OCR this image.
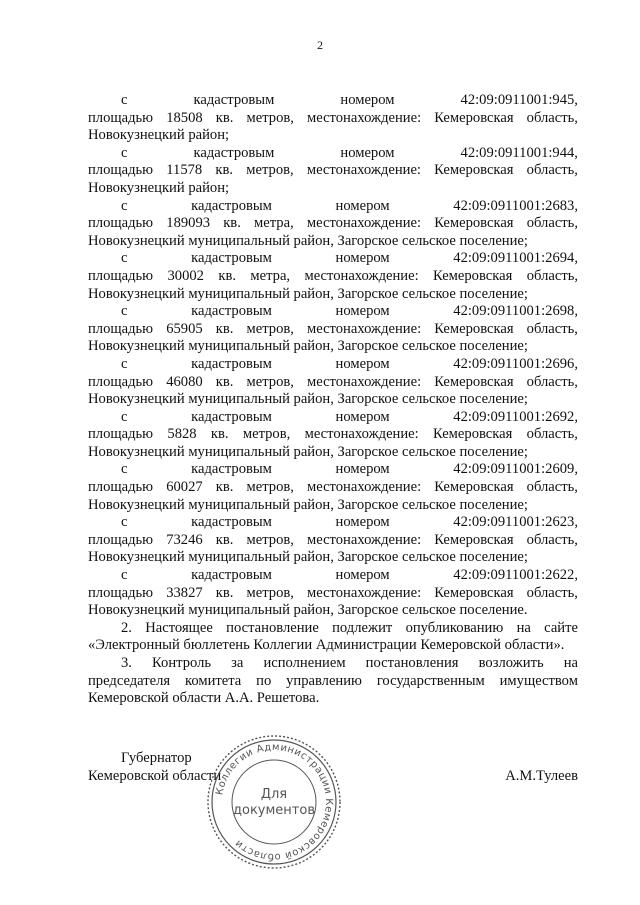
2
с	кадастровым	номером	42:09:0911001:945,
площадью 18508 кв. метров, местонахождение: Кемеровская область,
Новокузнецкий район;
с	кадастровым	номером	42:09:0911001:944,
площадью 11578 кв. метров, местонахождение: Кемеровская область,
Новокузнецкий район;
с	кадастровым	номером	42:09:0911001:2683,
площадью 189093 кв. метра, местонахождение: Кемеровская область,
Новокузнецкий муниципальный район, Загорское сельское поселение;
с	кадастровым	номером	42:09:0911001:2694,
площадью 30002 кв. метра, местонахождение: Кемеровская область,
Новокузнецкий муниципальный район, Загорское сельское поселение;
с	кадастровым	номером	42:09:0911001:2698,
площадью 65905 кв. метров, местонахождение: Кемеровская область,
Новокузнецкий муниципальный район, Загорское сельское поселение;
с	кадастровым	номером	42:09:0911001:2696,
площадью 46080 кв. метров, местонахождение: Кемеровская область,
Новокузнецкий муниципальный район, Загорское сельское поселение;
с	кадастровым	номером	42:09:0911001:2692,
площадью 5828 кв. метров, местонахождение: Кемеровская область,
Новокузнецкий муниципальный район, Загорское сельское поселение;
с	кадастровым	номером	42:09:0911001:2609,
площадью 60027 кв. метров, местонахождение: Кемеровская область,
Новокузнецкий муниципальный район, Загорское сельское поселение;
с	кадастровым	номером	42:09:0911001:2623,
площадью 73246 кв. метров, местонахождение: Кемеровская область,
Новокузнецкий муниципальный район, Загорское сельское поселение;
с	кадастровым	номером	42:09:0911001:2622,
площадью 33827 кв. метров, местонахождение: Кемеровская область,
Новокузнецкий муниципальный район, Загорское сельское поселение.
2. Настоящее постановление подлежит опубликованию на сайте
«Электронный бюллетень Коллегии Администрации Кемеровской области».
3. Контроль за исполнением постановления возложить на
председателя комитета по управлению государственным имуществом
Кемеровской области А.А. Решетова.
Губернатор
Кемеровской области	А.М.Тулеев
Коллегии Администрации Кемеровской области
Для
документов
